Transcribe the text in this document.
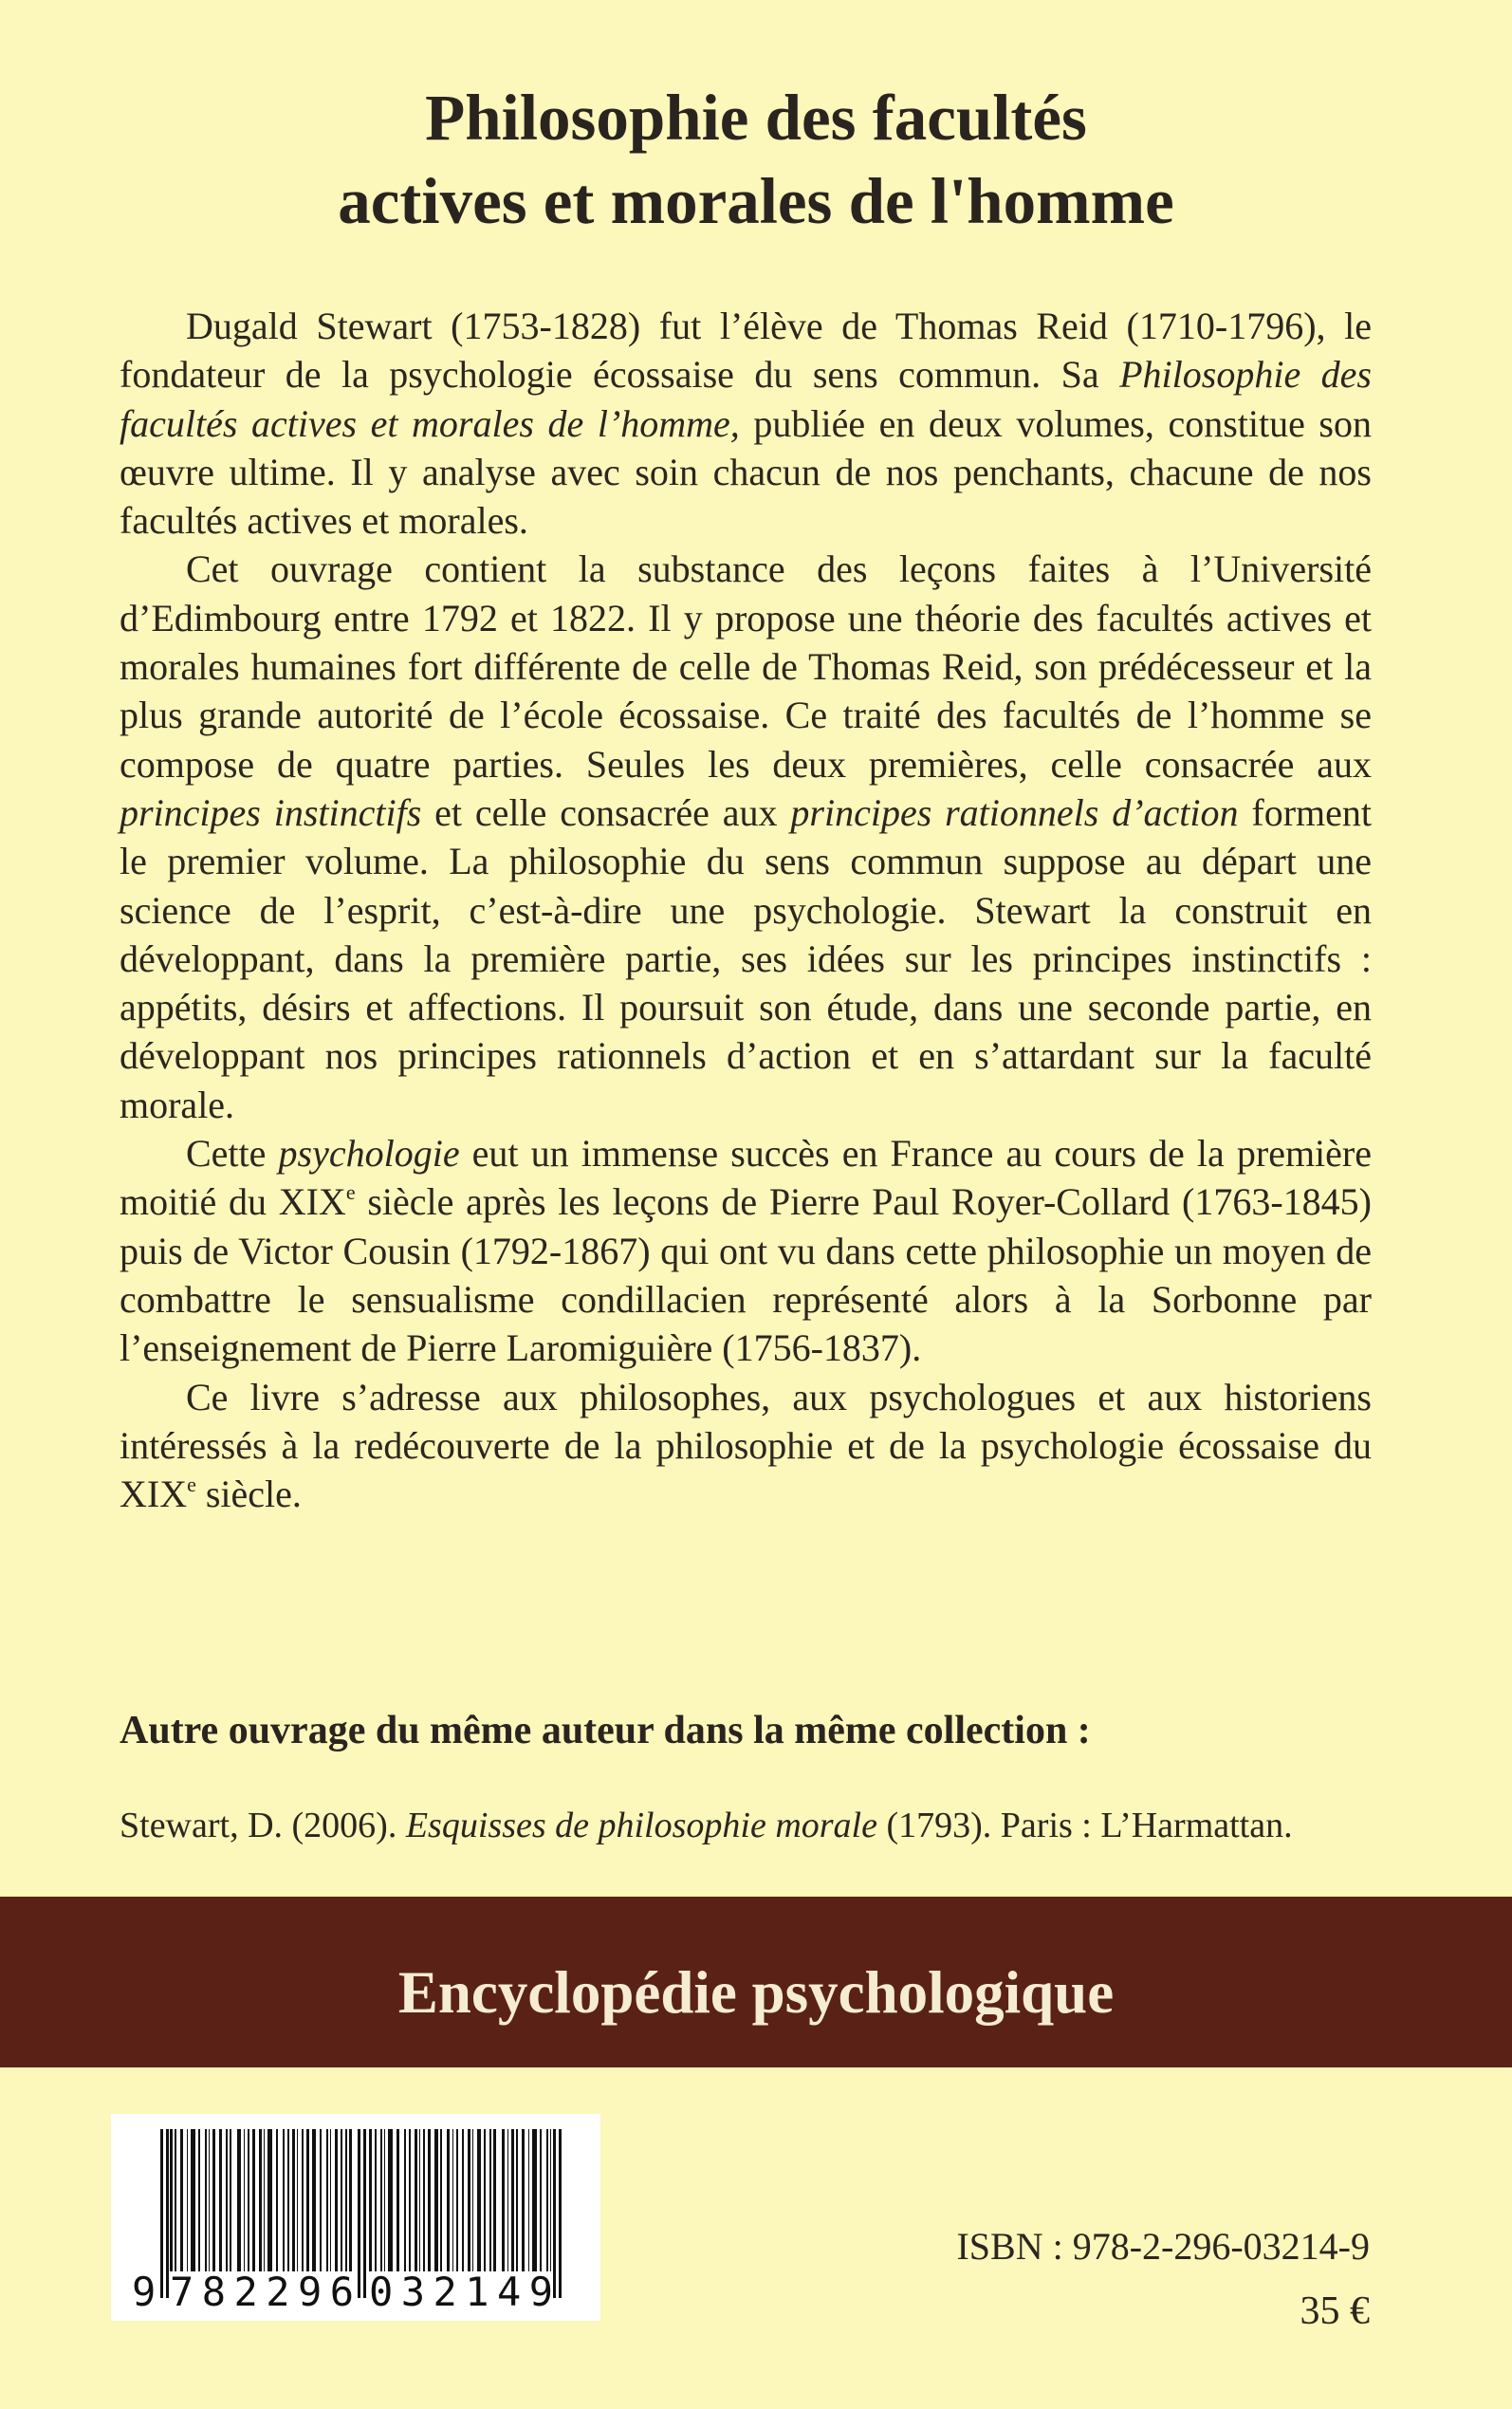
Philosophie des facultés
actives et morales de l'homme

Dugald Stewart (1753-1828) fut l’élève de Thomas Reid (1710-1796), le fondateur de la psychologie écossaise du sens commun. Sa Philosophie des facultés actives et morales de l’homme, publiée en deux volumes, constitue son œuvre ultime. Il y analyse avec soin chacun de nos penchants, chacune de nos facultés actives et morales.

Cet ouvrage contient la substance des leçons faites à l’Université d’Edimbourg entre 1792 et 1822. Il y propose une théorie des facultés actives et morales humaines fort différente de celle de Thomas Reid, son prédécesseur et la plus grande autorité de l’école écossaise. Ce traité des facultés de l’homme se compose de quatre parties. Seules les deux premières, celle consacrée aux principes instinctifs et celle consacrée aux principes rationnels d’action forment le premier volume. La philosophie du sens commun suppose au départ une science de l’esprit, c’est-à-dire une psychologie. Stewart la construit en développant, dans la première partie, ses idées sur les principes instinctifs : appétits, désirs et affections. Il poursuit son étude, dans une seconde partie, en développant nos principes rationnels d’action et en s’attardant sur la faculté morale.

Cette psychologie eut un immense succès en France au cours de la première moitié du XIXe siècle après les leçons de Pierre Paul Royer-Collard (1763-1845) puis de Victor Cousin (1792-1867) qui ont vu dans cette philosophie un moyen de combattre le sensualisme condillacien représenté alors à la Sorbonne par l’enseignement de Pierre Laromiguière (1756-1837).

Ce livre s’adresse aux philosophes, aux psychologues et aux historiens intéressés à la redécouverte de la philosophie et de la psychologie écossaise du XIXe siècle.

Autre ouvrage du même auteur dans la même collection :
Stewart, D. (2006). Esquisses de philosophie morale (1793). Paris : L’Harmattan.
Encyclopédie psychologique
9 782296 032149
ISBN : 978-2-296-03214-9
35 €
